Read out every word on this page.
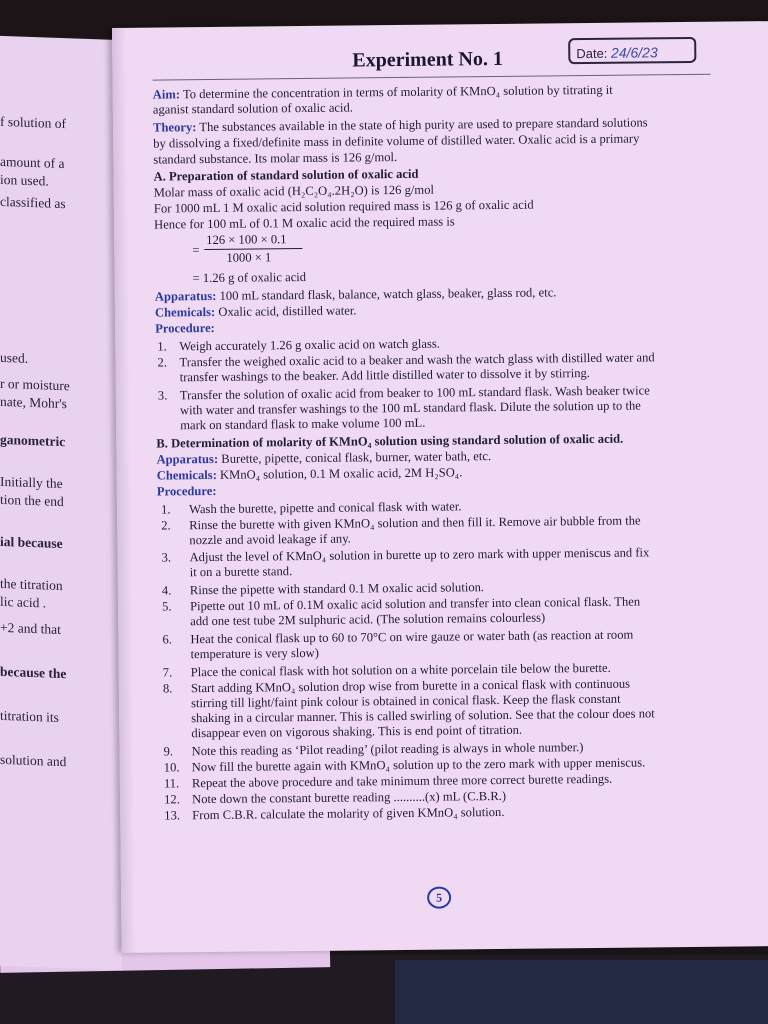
f solution of
amount of a
ion used.
classified as
used.
r or moisture
nate, Mohr's
ganometric
Initially the
tion the end
ial because
the titration
lic acid .
+2 and that
because the
titration its
solution and
Experiment No. 1	Date: 24/6/23
Aim: To determine the concentration in terms of molarity of KMnO₄ solution by titrating it
aganist standard solution of oxalic acid.
Theory: The substances available in the state of high purity are used to prepare standard solutions
by dissolving a fixed/definite mass in definite volume of distilled water. Oxalic acid is a primary
standard substance. Its molar mass is 126 g/mol.
A. Preparation of standard solution of oxalic acid
Molar mass of oxalic acid (H₂C₂O₄.2H₂O) is 126 g/mol
For 1000 mL 1 M oxalic acid solution required mass is 126 g of oxalic acid
Hence for 100 mL of 0.1 M oxalic acid the required mass is
=
126 × 100 × 0.1
1000 × 1
= 1.26 g of oxalic acid
Apparatus: 100 mL standard flask, balance, watch glass, beaker, glass rod, etc.
Chemicals: Oxalic acid, distilled water.
Procedure:
1. Weigh accurately 1.26 g oxalic acid on watch glass.
2. Transfer the weighed oxalic acid to a beaker and wash the watch glass with distilled water and
transfer washings to the beaker. Add little distilled water to dissolve it by stirring.
3. Transfer the solution of oxalic acid from beaker to 100 mL standard flask. Wash beaker twice
with water and transfer washings to the 100 mL standard flask. Dilute the solution up to the
mark on standard flask to make volume 100 mL.
B. Determination of molarity of KMnO₄ solution using standard solution of oxalic acid.
Apparatus: Burette, pipette, conical flask, burner, water bath, etc.
Chemicals: KMnO₄ solution, 0.1 M oxalic acid, 2M H₂SO₄.
Procedure:
1. Wash the burette, pipette and conical flask with water.
2. Rinse the burette with given KMnO₄ solution and then fill it. Remove air bubble from the
nozzle and avoid leakage if any.
3. Adjust the level of KMnO₄ solution in burette up to zero mark with upper meniscus and fix
it on a burette stand.
4. Rinse the pipette with standard 0.1 M oxalic acid solution.
5. Pipette out 10 mL of 0.1M oxalic acid solution and transfer into clean conical flask. Then
add one test tube 2M sulphuric acid. (The solution remains colourless)
6. Heat the conical flask up to 60 to 70°C on wire gauze or water bath (as reaction at room
temperature is very slow)
7. Place the conical flask with hot solution on a white porcelain tile below the burette.
8. Start adding KMnO₄ solution drop wise from burette in a conical flask with continuous
stirring till light/faint pink colour is obtained in conical flask. Keep the flask constant
shaking in a circular manner. This is called swirling of solution. See that the colour does not
disappear even on vigorous shaking. This is end point of titration.
9. Note this reading as ‘Pilot reading’ (pilot reading is always in whole number.)
10. Now fill the burette again with KMnO₄ solution up to the zero mark with upper meniscus.
11. Repeat the above procedure and take minimum three more correct burette readings.
12. Note down the constant burette reading ..........(x) mL (C.B.R.)
13. From C.B.R. calculate the molarity of given KMnO₄ solution.
5
